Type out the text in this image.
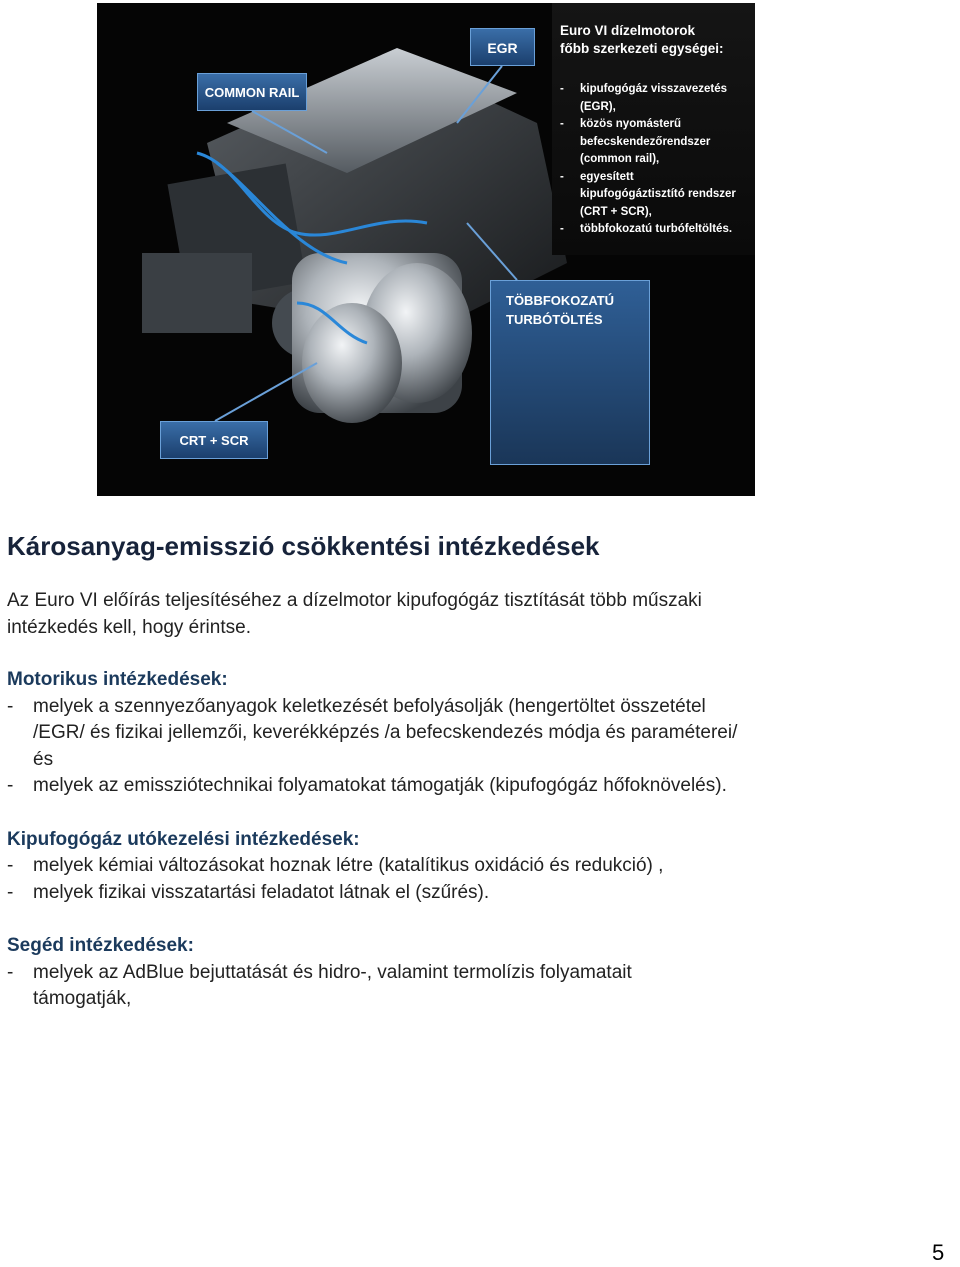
COMMON RAIL
EGR
CRT + SCR
TÖBBFOKOZATÚ
TURBÓTÖLTÉS
Euro VI dízelmotorok
főbb szerkezeti egységei:
- kipufogógáz visszavezetés
(EGR),
- közös nyomásterű
befecskendezőrendszer
(common rail),
- egyesített
kipufogógáztisztító rendszer
(CRT + SCR),
- többfokozatú turbófeltöltés.
Károsanyag-emisszió csökkentési intézkedések
Az Euro VI előírás teljesítéséhez a dízelmotor kipufogógáz tisztítását több műszaki
intézkedés kell, hogy érintse.
Motorikus intézkedések:
- melyek a szennyezőanyagok keletkezését befolyásolják (hengertöltet összetétel
/EGR/ és fizikai jellemzői, keverékképzés /a befecskendezés módja és paraméterei/
és
- melyek az emissziótechnikai folyamatokat támogatják (kipufogógáz hőfoknövelés).
Kipufogógáz utókezelési intézkedések:
- melyek kémiai változásokat hoznak létre (katalítikus oxidáció és redukció) ,
- melyek fizikai visszatartási feladatot látnak el (szűrés).
Segéd intézkedések:
- melyek az AdBlue bejuttatását és hidro-, valamint termolízis folyamatait
támogatják,
5
